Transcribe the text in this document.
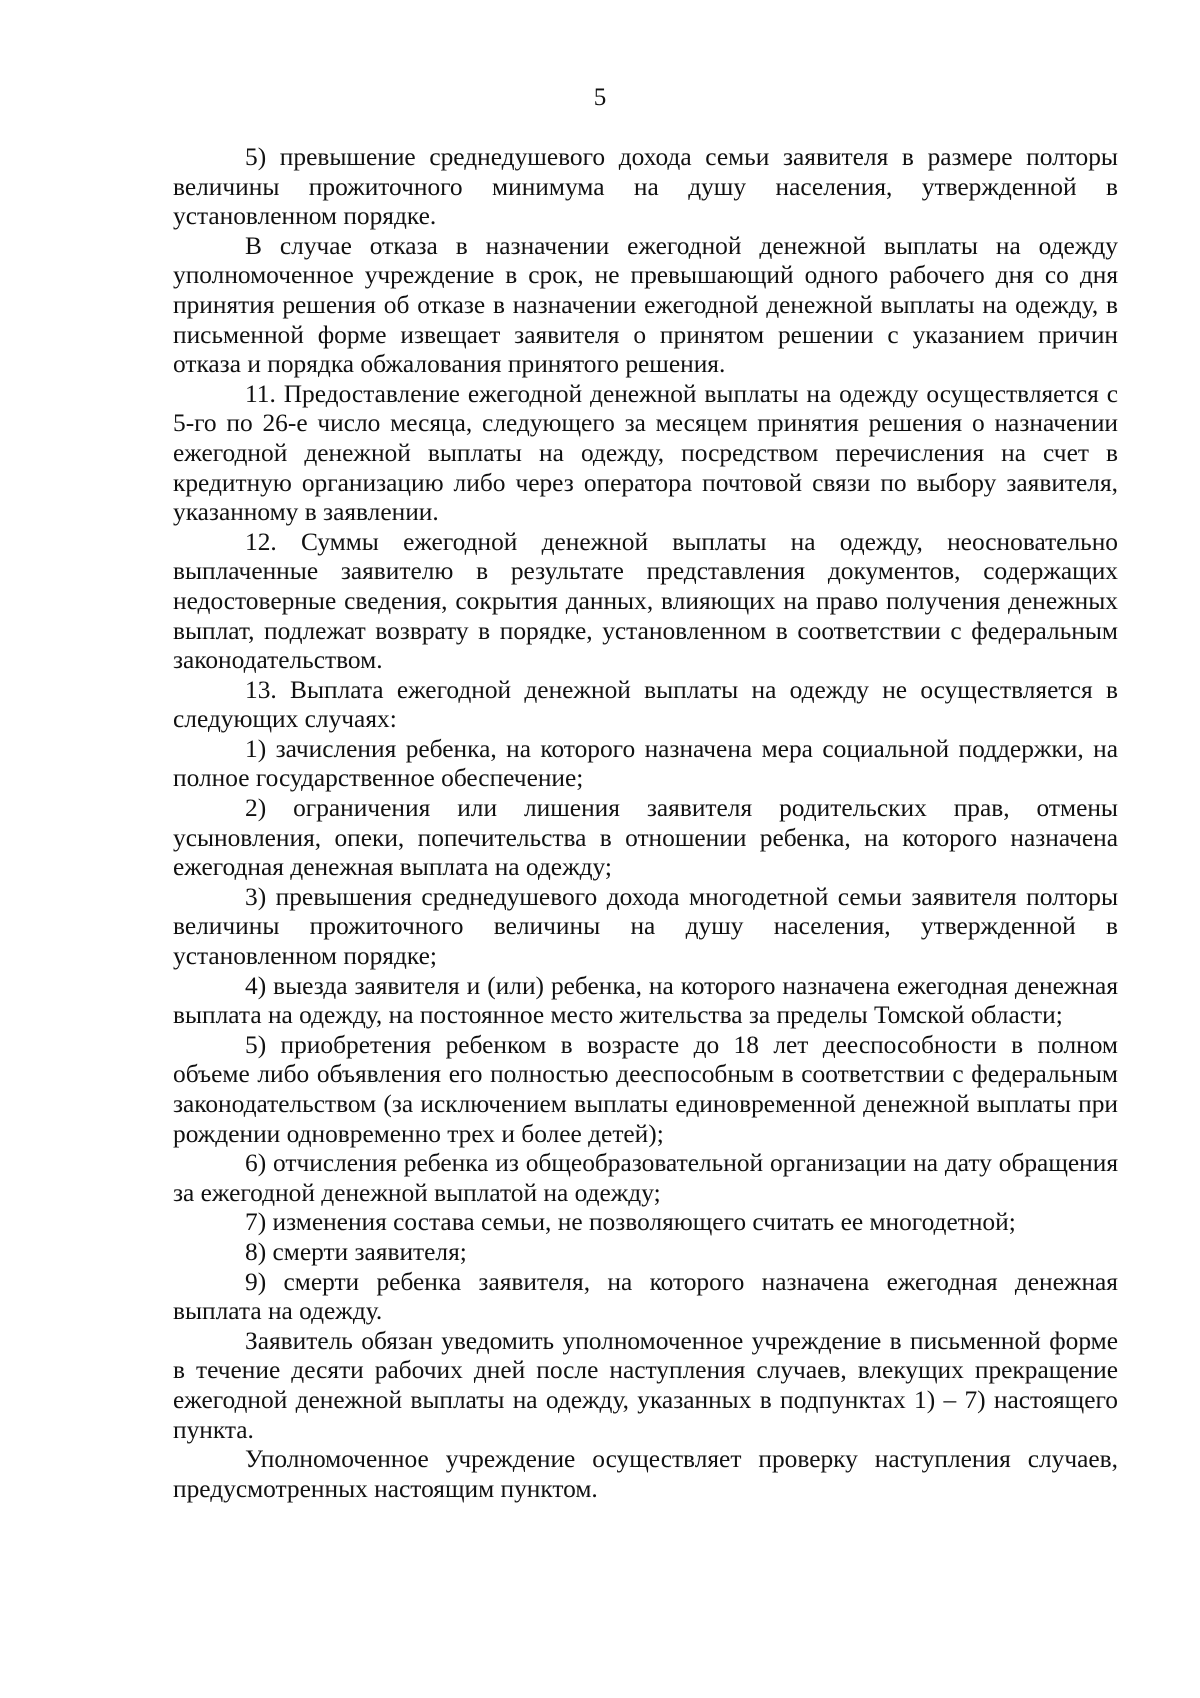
5

5) превышение среднедушевого дохода семьи заявителя в размере полторы величины прожиточного минимума на душу населения, утвержденной в установленном порядке.

В случае отказа в назначении ежегодной денежной выплаты на одежду уполномоченное учреждение в срок, не превышающий одного рабочего дня со дня принятия решения об отказе в назначении ежегодной денежной выплаты на одежду, в письменной форме извещает заявителя о принятом решении с указанием причин отказа и порядка обжалования принятого решения.

11. Предоставление ежегодной денежной выплаты на одежду осуществляется с 5-го по 26-е число месяца, следующего за месяцем принятия решения о назначении ежегодной денежной выплаты на одежду, посредством перечисления на счет в кредитную организацию либо через оператора почтовой связи по выбору заявителя, указанному в заявлении.

12. Суммы ежегодной денежной выплаты на одежду, неосновательно выплаченные заявителю в результате представления документов, содержащих недостоверные сведения, сокрытия данных, влияющих на право получения денежных выплат, подлежат возврату в порядке, установленном в соответствии с федеральным законодательством.

13. Выплата ежегодной денежной выплаты на одежду не осуществляется в следующих случаях:

1) зачисления ребенка, на которого назначена мера социальной поддержки, на полное государственное обеспечение;

2) ограничения или лишения заявителя родительских прав, отмены усыновления, опеки, попечительства в отношении ребенка, на которого назначена ежегодная денежная выплата на одежду;

3) превышения среднедушевого дохода многодетной семьи заявителя полторы величины прожиточного величины на душу населения, утвержденной в установленном порядке;

4) выезда заявителя и (или) ребенка, на которого назначена ежегодная денежная выплата на одежду, на постоянное место жительства за пределы Томской области;

5) приобретения ребенком в возрасте до 18 лет дееспособности в полном объеме либо объявления его полностью дееспособным в соответствии с федеральным законодательством (за исключением выплаты единовременной денежной выплаты при рождении одновременно трех и более детей);

6) отчисления ребенка из общеобразовательной организации на дату обращения за ежегодной денежной выплатой на одежду;

7) изменения состава семьи, не позволяющего считать ее многодетной;

8) смерти заявителя;

9) смерти ребенка заявителя, на которого назначена ежегодная денежная выплата на одежду.

Заявитель обязан уведомить уполномоченное учреждение в письменной форме в течение десяти рабочих дней после наступления случаев, влекущих прекращение ежегодной денежной выплаты на одежду, указанных в подпунктах 1) – 7) настоящего пункта.

Уполномоченное учреждение осуществляет проверку наступления случаев, предусмотренных настоящим пунктом.
